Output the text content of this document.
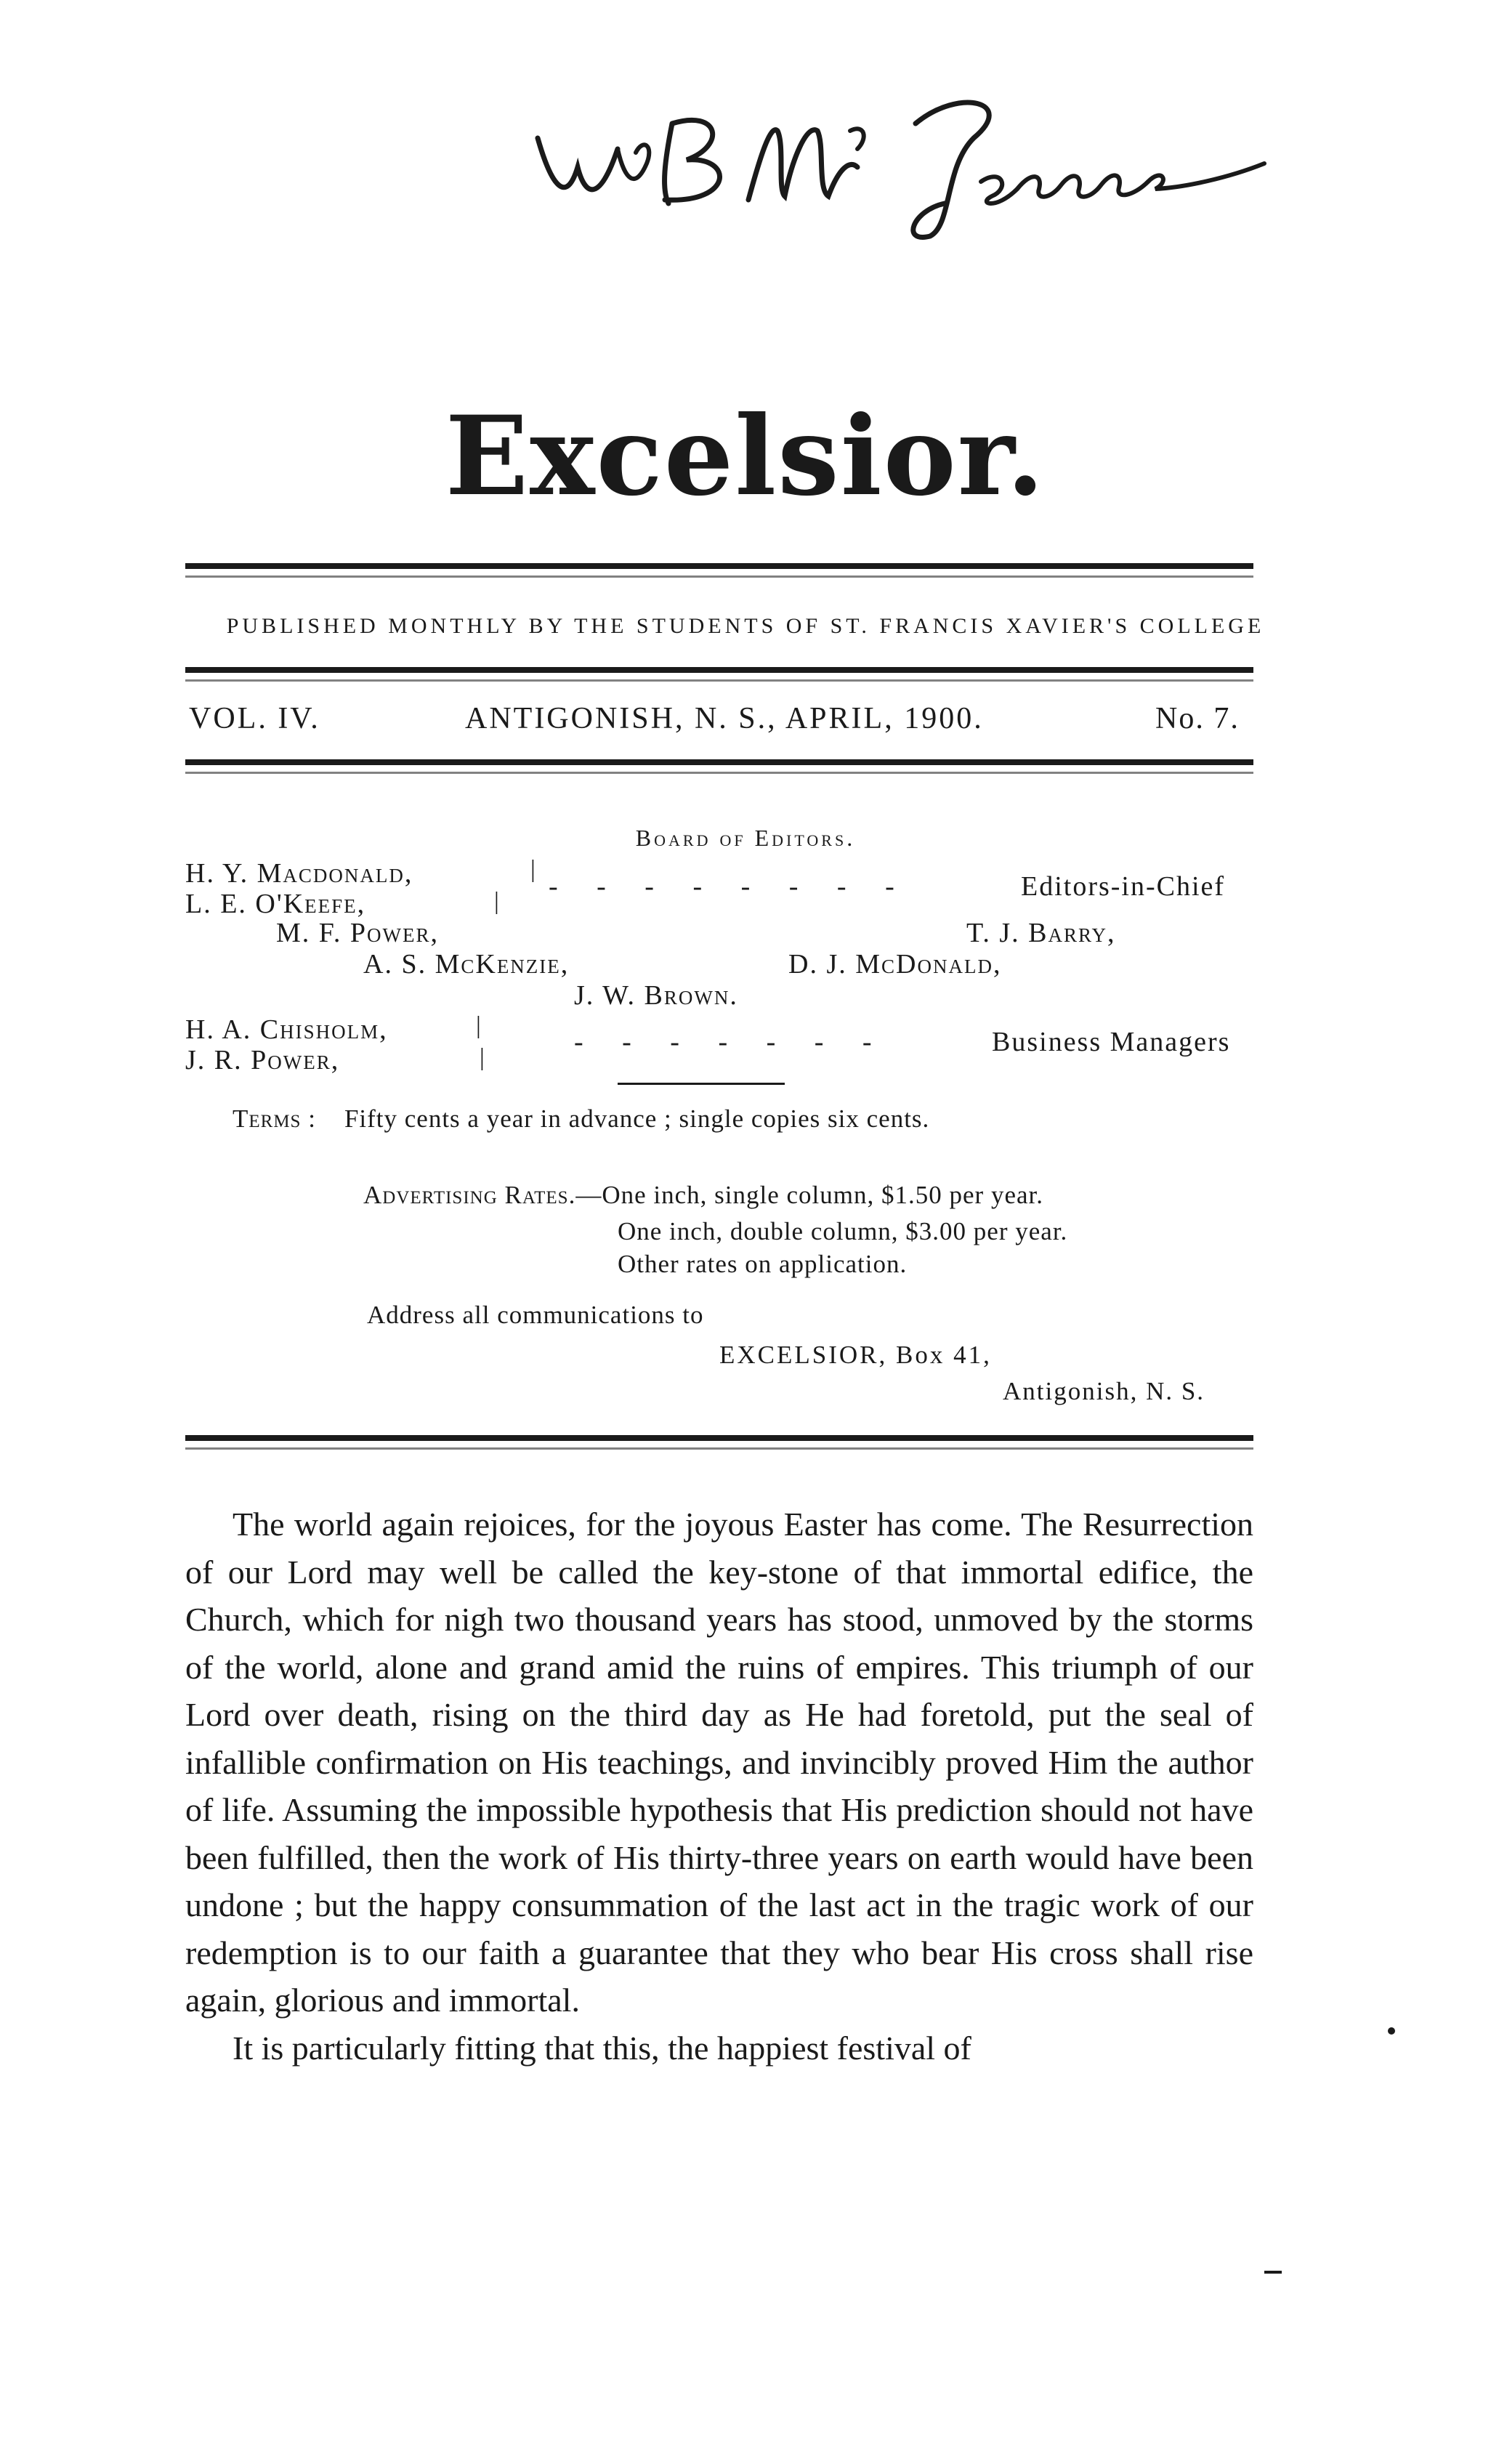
Excelsior.
PUBLISHED MONTHLY BY THE STUDENTS OF ST. FRANCIS XAVIER'S COLLEGE
VOL. IV.	ANTIGONISH, N. S., APRIL, 1900.	No. 7.
Board of Editors.
H. Y. Macdonald,
L. E. O'Keefe,
|
| - - - - - - - -	Editors-in-Chief
M. F. Power,	T. J. Barry,
A. S. McKenzie,	D. J. McDonald,
J. W. Brown.
H. A. Chisholm,
J. R. Power,
|
|
- - - - - - -	Business Managers
Terms : Fifty cents a year in advance ; single copies six cents.
Advertising Rates.—One inch, single column, $1.50 per year.
One inch, double column, $3.00 per year.
Other rates on application.
Address all communications to
EXCELSIOR, Box 41,
Antigonish, N. S.

The world again rejoices, for the joyous Easter has come. The Resurrection of our Lord may well be called the key-stone of that immortal edifice, the Church, which for nigh two thousand years has stood, unmoved by the storms of the world, alone and grand amid the ruins of empires. This triumph of our Lord over death, rising on the third day as He had foretold, put the seal of infallible confirmation on His teachings, and invincibly proved Him the author of life. Assuming the impossible hypothesis that His prediction should not have been fulfilled, then the work of His thirty-three years on earth would have been undone ; but the happy consummation of the last act in the tragic work of our redemption is to our faith a guarantee that they who bear His cross shall rise again, glorious and immortal.

It is particularly fitting that this, the happiest festival of
